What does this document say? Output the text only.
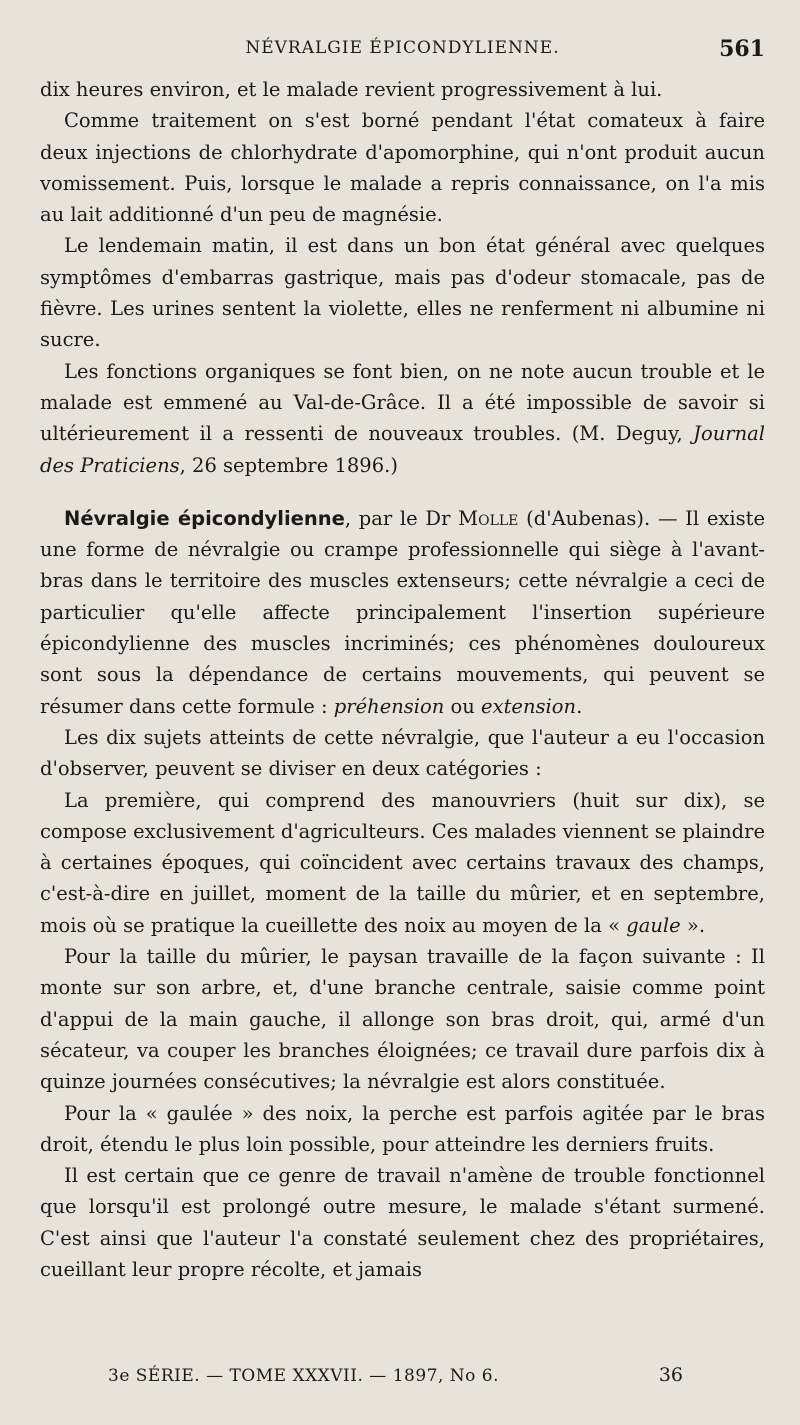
NÉVRALGIE ÉPICONDYLIENNE.	561

dix heures environ, et le malade revient progressivement à lui.

Comme traitement on s'est borné pendant l'état comateux à faire deux injections de chlorhydrate d'apomorphine, qui n'ont produit aucun vomissement. Puis, lorsque le malade a repris connaissance, on l'a mis au lait additionné d'un peu de magnésie.

Le lendemain matin, il est dans un bon état général avec quelques symptômes d'embarras gastrique, mais pas d'odeur stomacale, pas de fièvre. Les urines sentent la violette, elles ne renferment ni albumine ni sucre.

Les fonctions organiques se font bien, on ne note aucun trouble et le malade est emmené au Val-de-Grâce. Il a été impossible de savoir si ultérieurement il a ressenti de nouveaux troubles. (M. Deguy, Journal des Praticiens, 26 septembre 1896.)

Névralgie épicondylienne, par le Dr Molle (d'Aubenas). — Il existe une forme de névralgie ou crampe professionnelle qui siège à l'avant-bras dans le territoire des muscles extenseurs; cette névralgie a ceci de particulier qu'elle affecte principalement l'insertion supérieure épicondylienne des muscles incriminés; ces phénomènes douloureux sont sous la dépendance de certains mouvements, qui peuvent se résumer dans cette formule : préhension ou extension.

Les dix sujets atteints de cette névralgie, que l'auteur a eu l'occasion d'observer, peuvent se diviser en deux catégories :

La première, qui comprend des manouvriers (huit sur dix), se compose exclusivement d'agriculteurs. Ces malades viennent se plaindre à certaines époques, qui coïncident avec certains travaux des champs, c'est-à-dire en juillet, moment de la taille du mûrier, et en septembre, mois où se pratique la cueillette des noix au moyen de la « gaule ».

Pour la taille du mûrier, le paysan travaille de la façon suivante : Il monte sur son arbre, et, d'une branche centrale, saisie comme point d'appui de la main gauche, il allonge son bras droit, qui, armé d'un sécateur, va couper les branches éloignées; ce travail dure parfois dix à quinze journées consécutives; la névralgie est alors constituée.

Pour la « gaulée » des noix, la perche est parfois agitée par le bras droit, étendu le plus loin possible, pour atteindre les derniers fruits.

Il est certain que ce genre de travail n'amène de trouble fonctionnel que lorsqu'il est prolongé outre mesure, le malade s'étant surmené. C'est ainsi que l'auteur l'a constaté seulement chez des propriétaires, cueillant leur propre récolte, et jamais

3e SÉRIE. — TOME XXXVII. — 1897, No 6.	36
